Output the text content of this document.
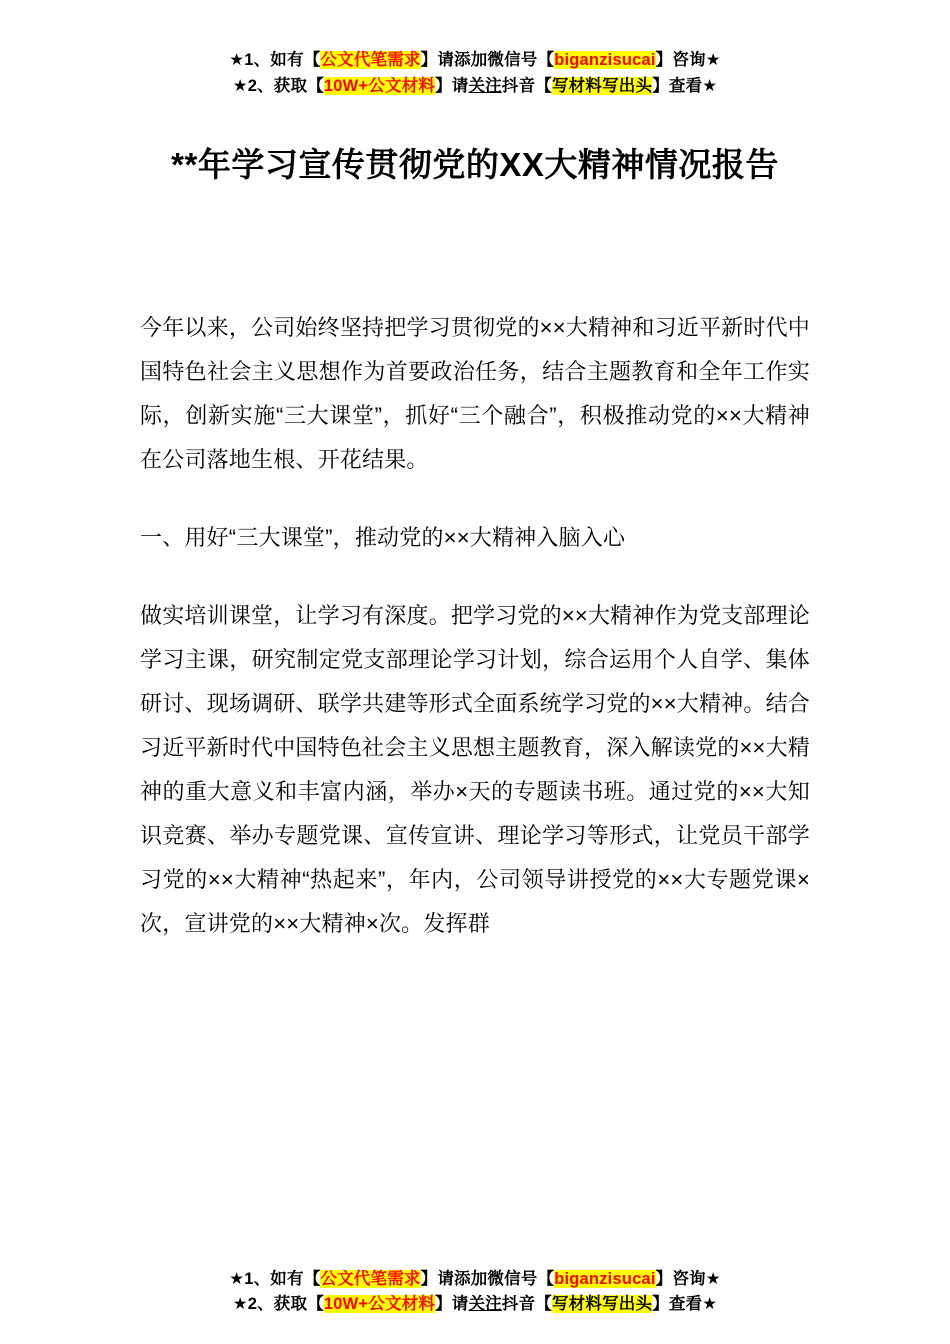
★1、如有【公文代笔需求】请添加微信号【biganzisucai】咨询★
★2、获取【10W+公文材料】请关注抖音【写材料写出头】查看★
**年学习宣传贯彻党的XX大精神情况报告

今年以来，公司始终坚持把学习贯彻党的××大精神和习近平新时代中国特色社会主义思想作为首要政治任务，结合主题教育和全年工作实际，创新实施“三大课堂”，抓好“三个融合”，积极推动党的××大精神在公司落地生根、开花结果。

一、用好“三大课堂”，推动党的××大精神入脑入心

做实培训课堂，让学习有深度。把学习党的××大精神作为党支部理论学习主课，研究制定党支部理论学习计划，综合运用个人自学、集体研讨、现场调研、联学共建等形式全面系统学习党的××大精神。结合习近平新时代中国特色社会主义思想主题教育，深入解读党的××大精神的重大意义和丰富内涵，举办×天的专题读书班。通过党的××大知识竞赛、举办专题党课、宣传宣讲、理论学习等形式，让党员干部学习党的××大精神“热起来”，年内，公司领导讲授党的××大专题党课×次，宣讲党的××大精神×次。发挥群

★1、如有【公文代笔需求】请添加微信号【biganzisucai】咨询★
★2、获取【10W+公文材料】请关注抖音【写材料写出头】查看★
